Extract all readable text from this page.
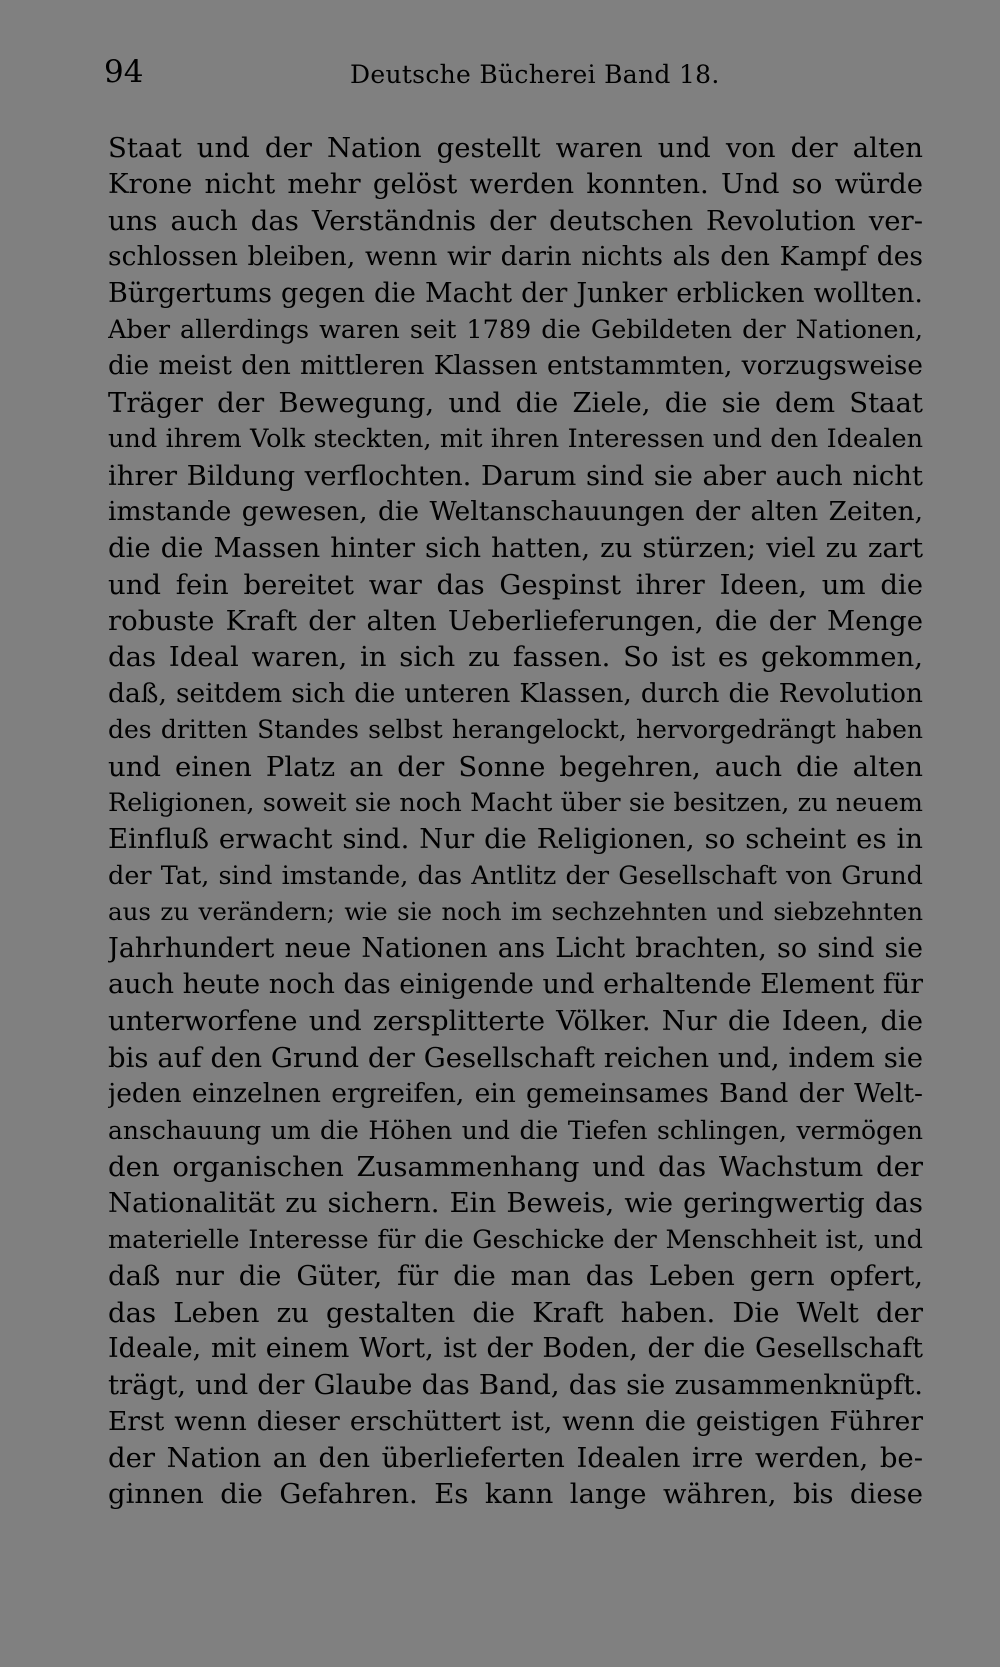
94	Deutsche Bücherei Band 18.
Staat und der Nation gestellt waren und von der alten
Krone nicht mehr gelöst werden konnten. Und so würde
uns auch das Verständnis der deutschen Revolution ver-
schlossen bleiben, wenn wir darin nichts als den Kampf des
Bürgertums gegen die Macht der Junker erblicken wollten.
Aber allerdings waren seit 1789 die Gebildeten der Nationen,
die meist den mittleren Klassen entstammten, vorzugsweise
Träger der Bewegung, und die Ziele, die sie dem Staat
und ihrem Volk steckten, mit ihren Interessen und den Idealen
ihrer Bildung verflochten. Darum sind sie aber auch nicht
imstande gewesen, die Weltanschauungen der alten Zeiten,
die die Massen hinter sich hatten, zu stürzen; viel zu zart
und fein bereitet war das Gespinst ihrer Ideen, um die
robuste Kraft der alten Ueberlieferungen, die der Menge
das Ideal waren, in sich zu fassen. So ist es gekommen,
daß, seitdem sich die unteren Klassen, durch die Revolution
des dritten Standes selbst herangelockt, hervorgedrängt haben
und einen Platz an der Sonne begehren, auch die alten
Religionen, soweit sie noch Macht über sie besitzen, zu neuem
Einfluß erwacht sind. Nur die Religionen, so scheint es in
der Tat, sind imstande, das Antlitz der Gesellschaft von Grund
aus zu verändern; wie sie noch im sechzehnten und siebzehnten
Jahrhundert neue Nationen ans Licht brachten, so sind sie
auch heute noch das einigende und erhaltende Element für
unterworfene und zersplitterte Völker. Nur die Ideen, die
bis auf den Grund der Gesellschaft reichen und, indem sie
jeden einzelnen ergreifen, ein gemeinsames Band der Welt-
anschauung um die Höhen und die Tiefen schlingen, vermögen
den organischen Zusammenhang und das Wachstum der
Nationalität zu sichern. Ein Beweis, wie geringwertig das
materielle Interesse für die Geschicke der Menschheit ist, und
daß nur die Güter, für die man das Leben gern opfert,
das Leben zu gestalten die Kraft haben. Die Welt der
Ideale, mit einem Wort, ist der Boden, der die Gesellschaft
trägt, und der Glaube das Band, das sie zusammenknüpft.
Erst wenn dieser erschüttert ist, wenn die geistigen Führer
der Nation an den überlieferten Idealen irre werden, be-
ginnen die Gefahren. Es kann lange währen, bis diese
